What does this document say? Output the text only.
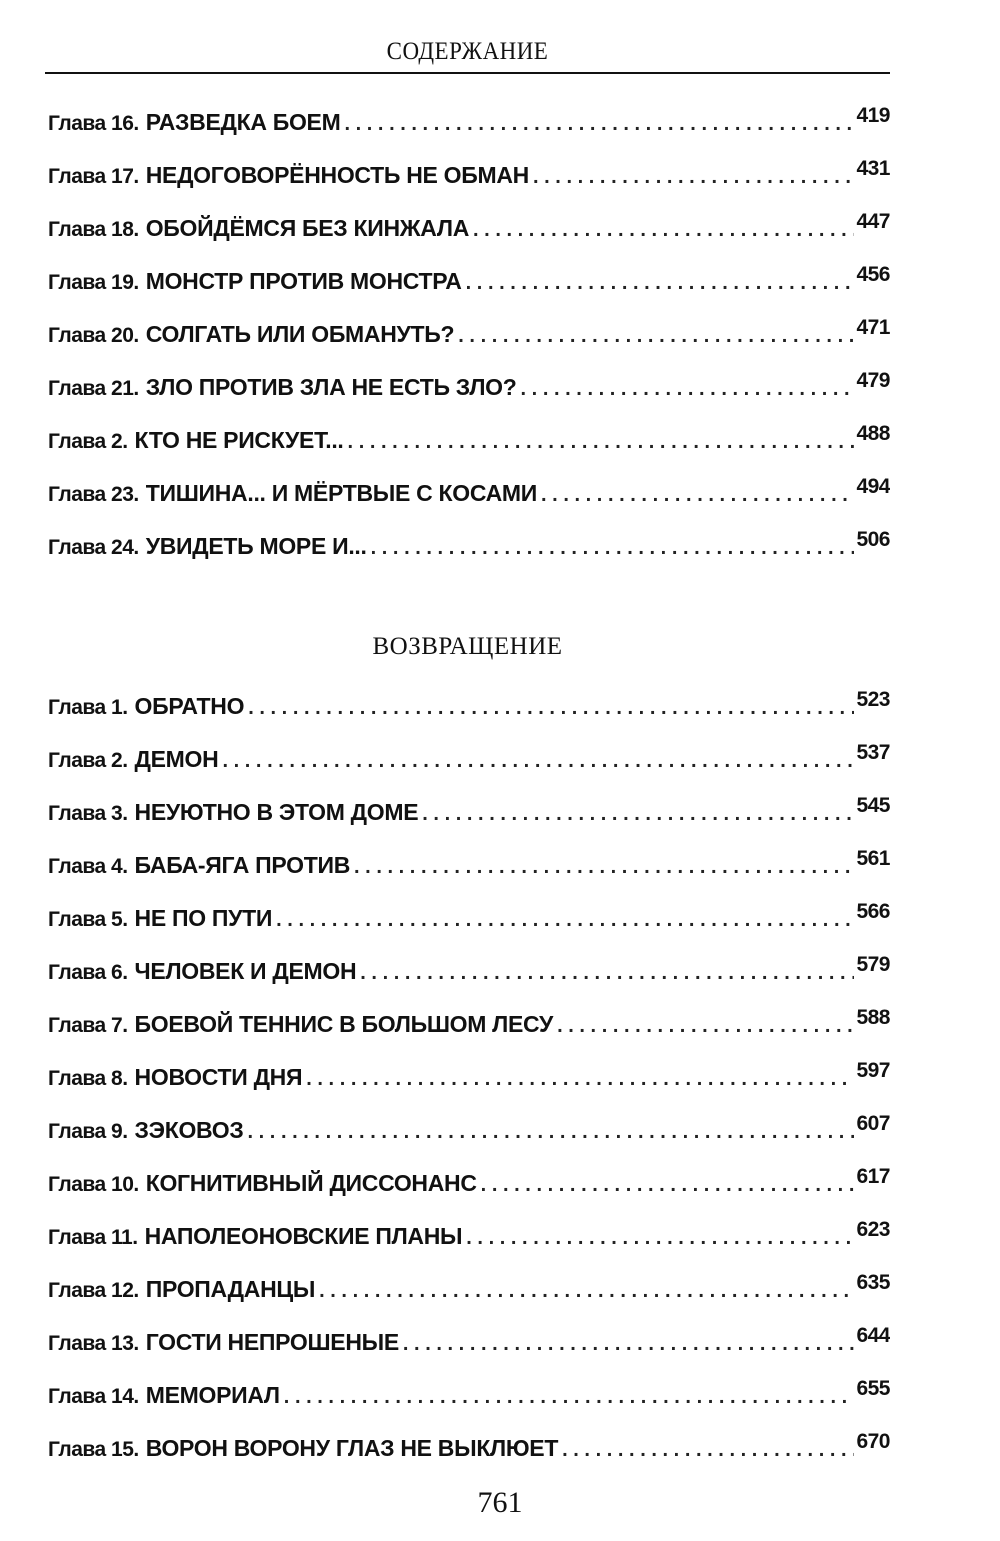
СОДЕРЖАНИЕ
Глава 16. РАЗВЕДКА БОЕМ .....	419
Глава 17. НЕДОГОВОРЁННОСТЬ НЕ ОБМАН .....	431
Глава 18. ОБОЙДЁМСЯ БЕЗ КИНЖАЛА .....	447
Глава 19. МОНСТР ПРОТИВ МОНСТРА .....	456
Глава 20. СОЛГАТЬ ИЛИ ОБМАНУТЬ? .....	471
Глава 21. ЗЛО ПРОТИВ ЗЛА НЕ ЕСТЬ ЗЛО? .....	479
Глава 2. КТО НЕ РИСКУЕТ... .....	488
Глава 23. ТИШИНА... И МЁРТВЫЕ С КОСАМИ .....	494
Глава 24. УВИДЕТЬ МОРЕ И... .....	506
ВОЗВРАЩЕНИЕ
Глава 1. ОБРАТНО .....	523
Глава 2. ДЕМОН .....	537
Глава 3. НЕУЮТНО В ЭТОМ ДОМЕ .....	545
Глава 4. БАБА-ЯГА ПРОТИВ .....	561
Глава 5. НЕ ПО ПУТИ .....	566
Глава 6. ЧЕЛОВЕК И ДЕМОН .....	579
Глава 7. БОЕВОЙ ТЕННИС В БОЛЬШОМ ЛЕСУ .....	588
Глава 8. НОВОСТИ ДНЯ .....	597
Глава 9. ЗЭКОВОЗ .....	607
Глава 10. КОГНИТИВНЫЙ ДИССОНАНС .....	617
Глава 11. НАПОЛЕОНОВСКИЕ ПЛАНЫ .....	623
Глава 12. ПРОПАДАНЦЫ .....	635
Глава 13. ГОСТИ НЕПРОШЕНЫЕ .....	644
Глава 14. МЕМОРИАЛ .....	655
Глава 15. ВОРОН ВОРОНУ ГЛАЗ НЕ ВЫКЛЮЕТ .....	670
761
